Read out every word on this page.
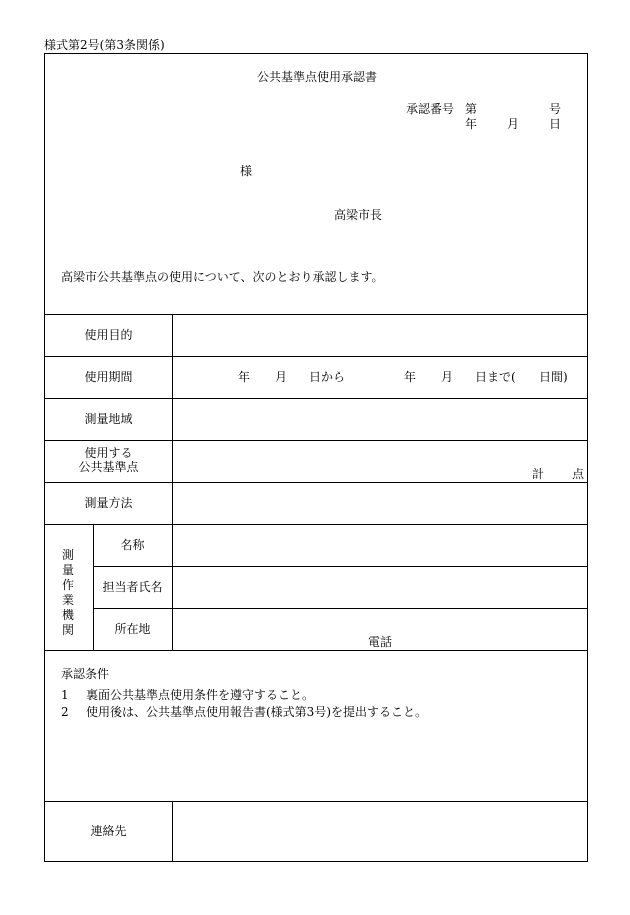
様式第2号(第3条関係)
公共基準点使用承認書
承認番号 第	号
年 月 日
様
高梁市長
高梁市公共基準点の使用について、次のとおり承認します。
使用目的
使用期間	年 月 日から	年 月 日まで( 日間)
測量地域
使用する
公共基準点	計 点
測量方法
測
量
作
業
機
関
名称
担当者氏名
所在地
電話
承認条件
1 裏面公共基準点使用条件を遵守すること。
2 使用後は、公共基準点使用報告書(様式第3号)を提出すること。
連絡先
